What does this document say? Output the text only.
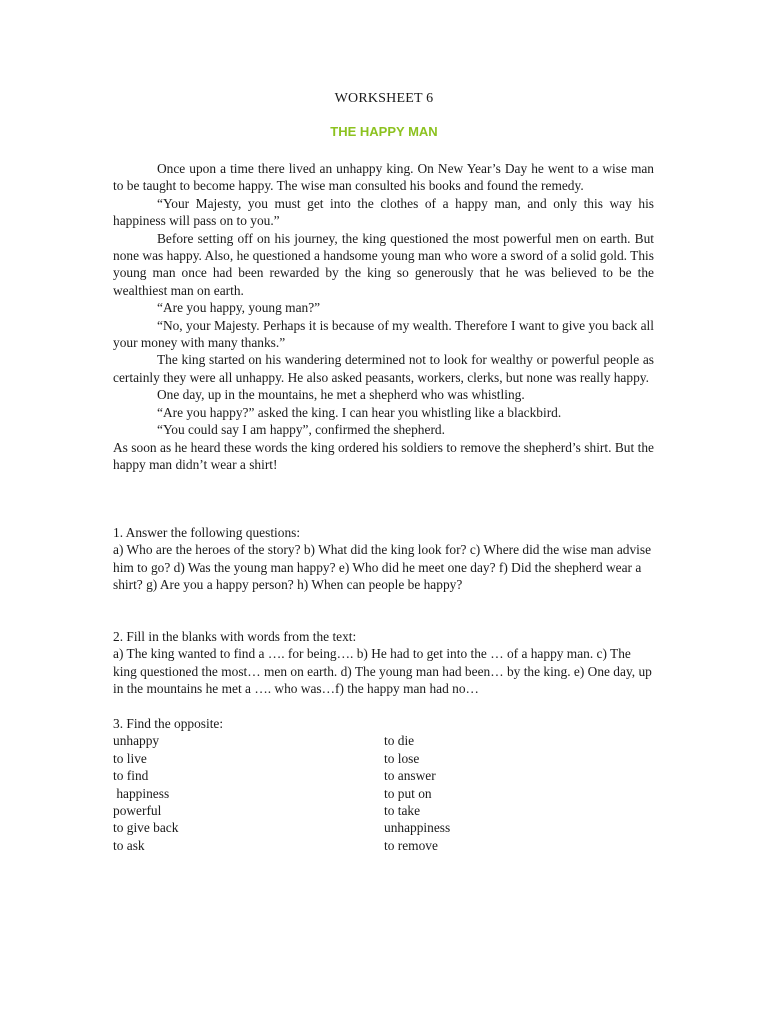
WORKSHEET 6
THE HAPPY MAN

Once upon a time there lived an unhappy king. On New Year’s Day he went to a wise man to be taught to become happy. The wise man consulted his books and found the remedy.

“Your Majesty, you must get into the clothes of a happy man, and only this way his happiness will pass on to you.”

Before setting off on his journey, the king questioned the most powerful men on earth. But none was happy. Also, he questioned a handsome young man who wore a sword of a solid gold. This young man once had been rewarded by the king so generously that he was believed to be the wealthiest man on earth.

“Are you happy, young man?”

“No, your Majesty. Perhaps it is because of my wealth. Therefore I want to give you back all your money with many thanks.”

The king started on his wandering determined not to look for wealthy or powerful people as certainly they were all unhappy. He also asked peasants, workers, clerks, but none was really happy.

One day, up in the mountains, he met a shepherd who was whistling.

“Are you happy?” asked the king. I can hear you whistling like a blackbird.

“You could say I am happy”, confirmed the shepherd.

As soon as he heard these words the king ordered his soldiers to remove the shepherd’s shirt. But the happy man didn’t wear a shirt!

1. Answer the following questions:

a) Who are the heroes of the story? b) What did the king look for? c) Where did the wise man advise him to go? d) Was the young man happy? e) Who did he meet one day? f) Did the shepherd wear a shirt? g) Are you a happy person? h) When can people be happy?

2. Fill in the blanks with words from the text:

a) The king wanted to find a …. for being…. b) He had to get into the … of a happy man. c) The king questioned the most… men on earth. d) The young man had been… by the king. e) One day, up in the mountains he met a …. who was…f) the happy man had no…

3. Find the opposite:

unhappy	to die
to live	to lose
to find	to answer
happiness	to put on
powerful	to take
to give back	unhappiness
to ask	to remove
